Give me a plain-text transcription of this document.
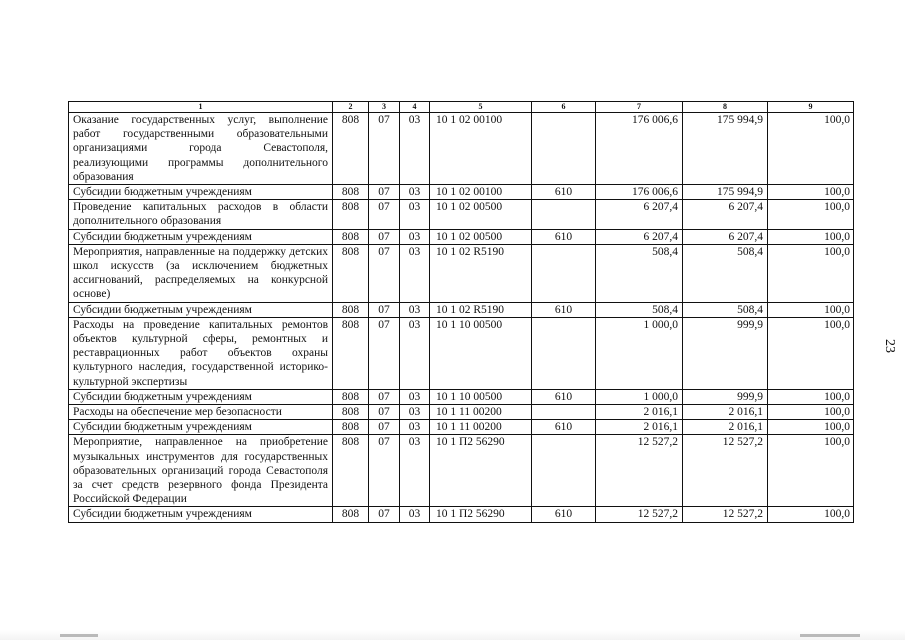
1	2	3	4	5	6	7	8	9
Оказание государственных услуг, выполнение работ государственными образовательными организациями города Севастополя, реализующими программы дополнительного образования	808	07	03	10 1 02 00100		176 006,6	175 994,9	100,0
Субсидии бюджетным учреждениям	808	07	03	10 1 02 00100	610	176 006,6	175 994,9	100,0
Проведение капитальных расходов в области дополнительного образования	808	07	03	10 1 02 00500		6 207,4	6 207,4	100,0
Субсидии бюджетным учреждениям	808	07	03	10 1 02 00500	610	6 207,4	6 207,4	100,0
Мероприятия, направленные на поддержку детских школ искусств (за исключением бюджетных ассигнований, распределяемых на конкурсной основе)	808	07	03	10 1 02 R5190		508,4	508,4	100,0
Субсидии бюджетным учреждениям	808	07	03	10 1 02 R5190	610	508,4	508,4	100,0
Расходы на проведение капитальных ремонтов объектов культурной сферы, ремонтных и реставрационных работ объектов охраны культурного наследия, государственной историко-культурной экспертизы	808	07	03	10 1 10 00500		1 000,0	999,9	100,0
Субсидии бюджетным учреждениям	808	07	03	10 1 10 00500	610	1 000,0	999,9	100,0
Расходы на обеспечение мер безопасности	808	07	03	10 1 11 00200		2 016,1	2 016,1	100,0
Субсидии бюджетным учреждениям	808	07	03	10 1 11 00200	610	2 016,1	2 016,1	100,0
Мероприятие, направленное на приобретение музыкальных инструментов для государственных образовательных организаций города Севастополя за счет средств резервного фонда Президента Российской Федерации	808	07	03	10 1 П2 56290		12 527,2	12 527,2	100,0
Субсидии бюджетным учреждениям	808	07	03	10 1 П2 56290	610	12 527,2	12 527,2	100,0
23
